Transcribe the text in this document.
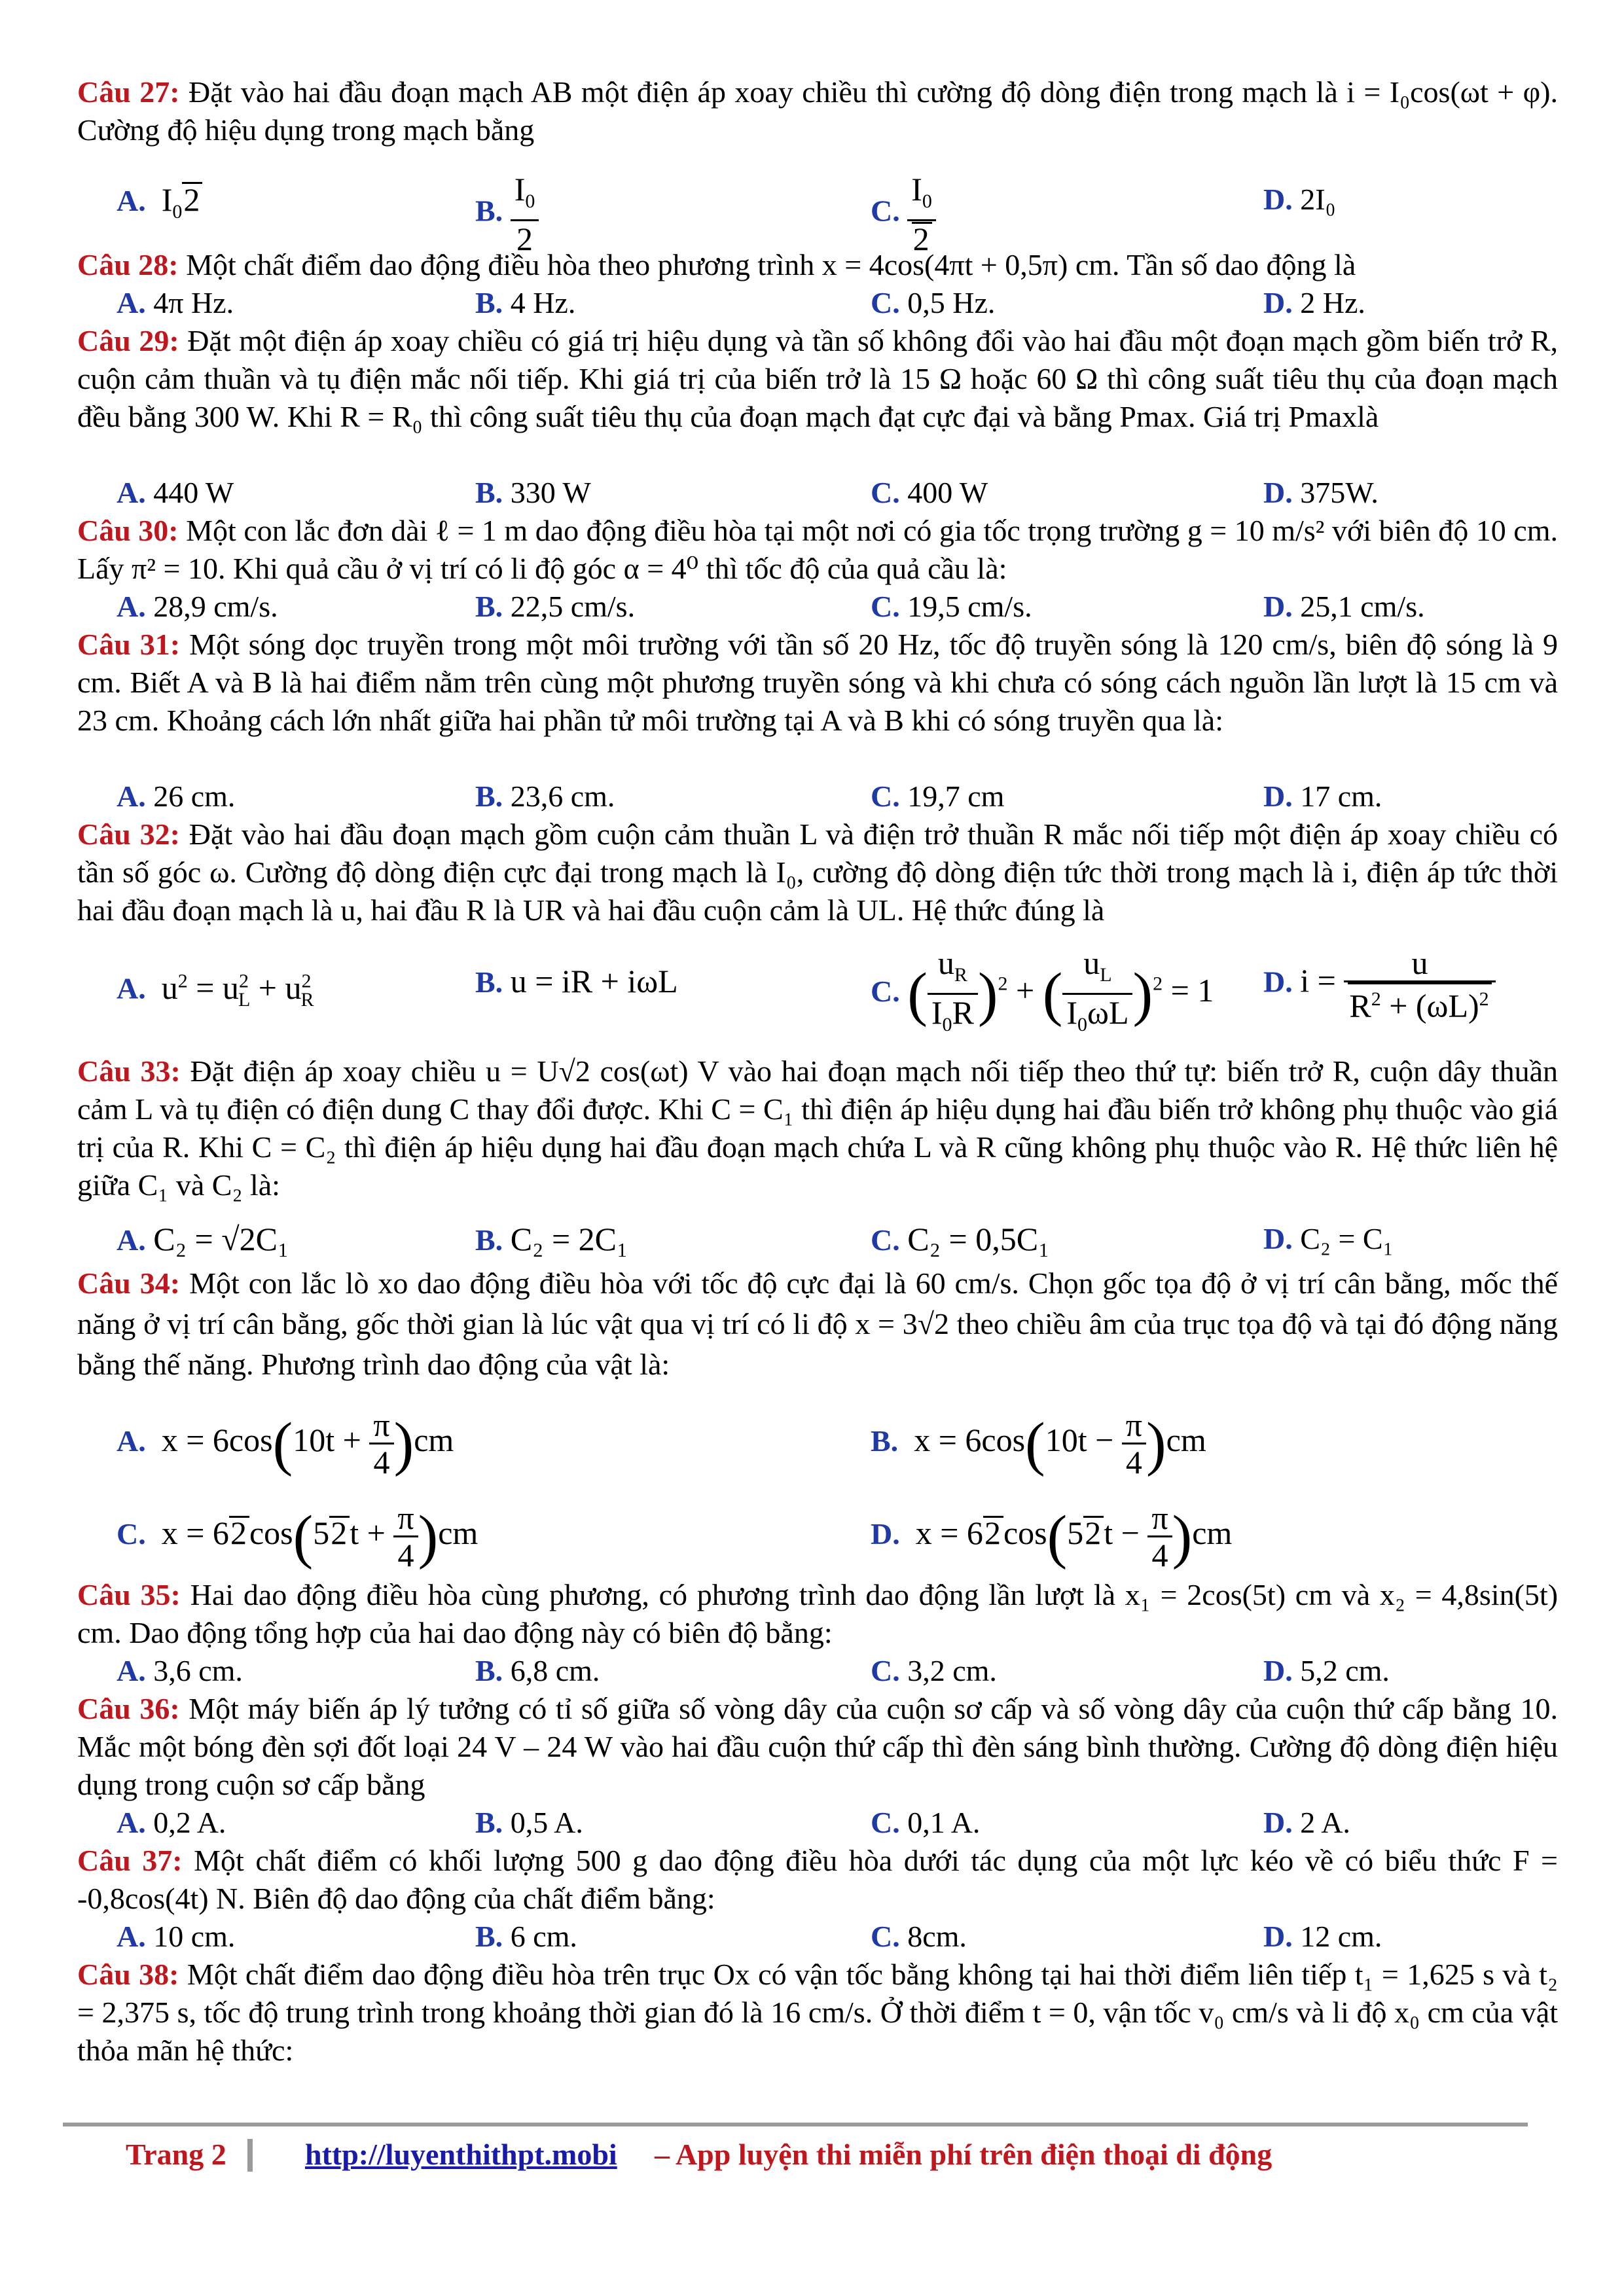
Câu 27: Đặt vào hai đầu đoạn mạch AB một điện áp xoay chiều thì cường độ dòng điện trong mạch là i = I₀cos(ωt + φ). Cường độ hiệu dụng trong mạch bằng
A.  $I_02$	B. $\frac{I_0}{2}$	C. $\frac{I_0}{2}$	D. 2I₀
Câu 28: Một chất điểm dao động điều hòa theo phương trình x = 4cos(4πt + 0,5π) cm. Tần số dao động là
A. 4π Hz.	B. 4 Hz.	C. 0,5 Hz.	D. 2 Hz.
Câu 29: Đặt một điện áp xoay chiều có giá trị hiệu dụng và tần số không đổi vào hai đầu một đoạn mạch gồm biến trở R, cuộn cảm thuần và tụ điện mắc nối tiếp. Khi giá trị của biến trở là 15 Ω hoặc 60 Ω thì công suất tiêu thụ của đoạn mạch đều bằng 300 W. Khi R = R₀ thì công suất tiêu thụ của đoạn mạch đạt cực đại và bằng Pmax. Giá trị Pmaxlà
A. 440 W	B. 330 W	C. 400 W	D. 375W.
Câu 30: Một con lắc đơn dài ℓ = 1 m dao động điều hòa tại một nơi có gia tốc trọng trường g = 10 m/s² với biên độ 10 cm. Lấy π² = 10. Khi quả cầu ở vị trí có li độ góc α = 4⁰ thì tốc độ của quả cầu là:
A. 28,9 cm/s.	B. 22,5 cm/s.	C. 19,5 cm/s.	D. 25,1 cm/s.
Câu 31: Một sóng dọc truyền trong một môi trường với tần số 20 Hz, tốc độ truyền sóng là 120 cm/s, biên độ sóng là 9 cm. Biết A và B là hai điểm nằm trên cùng một phương truyền sóng và khi chưa có sóng cách nguồn lần lượt là 15 cm và 23 cm. Khoảng cách lớn nhất giữa hai phần tử môi trường tại A và B khi có sóng truyền qua là:
A. 26 cm.	B. 23,6 cm.	C. 19,7 cm	D. 17 cm.
Câu 32: Đặt vào hai đầu đoạn mạch gồm cuộn cảm thuần L và điện trở thuần R mắc nối tiếp một điện áp xoay chiều có tần số góc ω. Cường độ dòng điện cực đại trong mạch là I₀, cường độ dòng điện tức thời trong mạch là i, điện áp tức thời hai đầu đoạn mạch là u, hai đầu R là UR và hai đầu cuộn cảm là UL. Hệ thức đúng là
A.  $u^2 = u^2_L + u^2_R$
B. u = iR + iωL	C. ( $\frac{u_R}{I_0R} )^2$ + ( $\frac{u_L}{I_0\omega L} )^2 = 1$ D. $i = \frac{u}{R^2 + (\omega L)^2}$
Câu 33: Đặt điện áp xoay chiều u = U√2 cos(ωt) V vào hai đoạn mạch nối tiếp theo thứ tự: biến trở R, cuộn dây thuần cảm L và tụ điện có điện dung C thay đổi được. Khi C = C₁ thì điện áp hiệu dụng hai đầu biến trở không phụ thuộc vào giá trị của R. Khi C = C₂ thì điện áp hiệu dụng hai đầu đoạn mạch chứa L và R cũng không phụ thuộc vào R. Hệ thức liên hệ giữa C₁ và C₂ là:
A. C₂ = √2C₁	B. C₂ = 2C₁	C. C₂ = 0,5C₁	D. C₂ = C₁
Câu 34: Một con lắc lò xo dao động điều hòa với tốc độ cực đại là 60 cm/s. Chọn gốc tọa độ ở vị trí cân bằng, mốc thế năng ở vị trí cân bằng, gốc thời gian là lúc vật qua vị trí có li độ x = 3√2 theo chiều âm của trục tọa độ và tại đó động năng bằng thế năng. Phương trình dao động của vật là:
A.  $x = 6\cos(10t + \frac{\pi}{4} )cm$	B.  $x = 6\cos(10t - \frac{\pi}{4} )cm$
C.  $x = 62\cos(52t + \frac{\pi}{4} )cm$	D.  $x = 62\cos(52t - \frac{\pi}{4} )cm$
Câu 35: Hai dao động điều hòa cùng phương, có phương trình dao động lần lượt là x₁ = 2cos(5t) cm và x₂ = 4,8sin(5t) cm. Dao động tổng hợp của hai dao động này có biên độ bằng:
A. 3,6 cm.	B. 6,8 cm.	C. 3,2 cm.	D. 5,2 cm.
Câu 36: Một máy biến áp lý tưởng có tỉ số giữa số vòng dây của cuộn sơ cấp và số vòng dây của cuộn thứ cấp bằng 10. Mắc một bóng đèn sợi đốt loại 24 V – 24 W vào hai đầu cuộn thứ cấp thì đèn sáng bình thường. Cường độ dòng điện hiệu dụng trong cuộn sơ cấp bằng
A. 0,2 A.	B. 0,5 A.	C. 0,1 A.	D. 2 A.
Câu 37: Một chất điểm có khối lượng 500 g dao động điều hòa dưới tác dụng của một lực kéo về có biểu thức F = -0,8cos(4t) N. Biên độ dao động của chất điểm bằng:
A. 10 cm.	B. 6 cm.	C. 8cm.	D. 12 cm.
Câu 38: Một chất điểm dao động điều hòa trên trục Ox có vận tốc bằng không tại hai thời điểm liên tiếp t₁ = 1,625 s và t₂ = 2,375 s, tốc độ trung trình trong khoảng thời gian đó là 16 cm/s. Ở thời điểm t = 0, vận tốc v₀ cm/s và li độ x₀ cm của vật thỏa mãn hệ thức:
Trang 2	http://luyenthithpt.mobi – App luyện thi miễn phí trên điện thoại di động
